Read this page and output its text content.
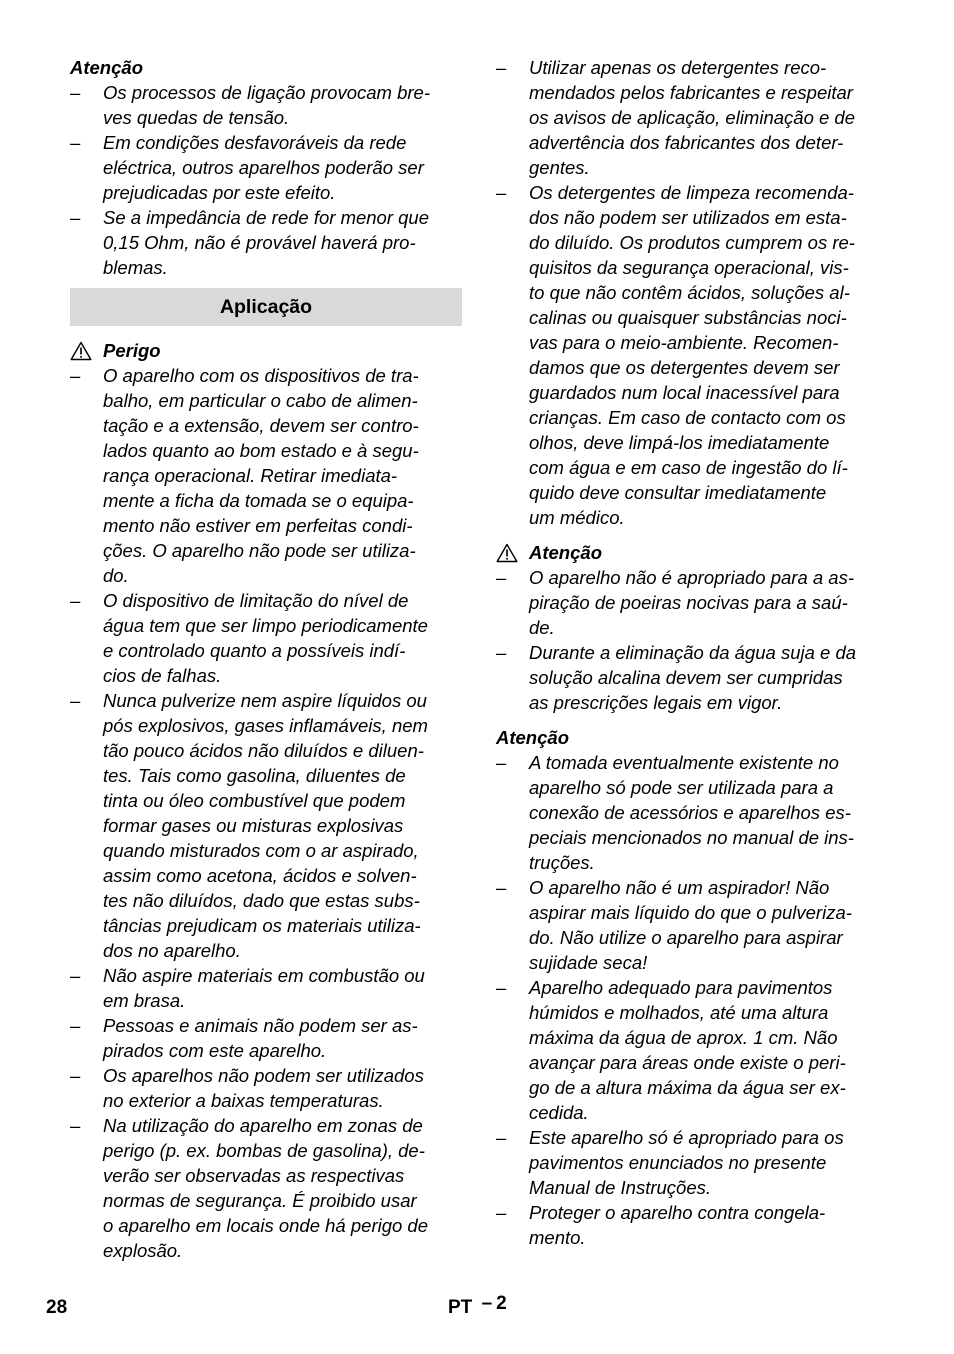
Atenção

– Os processos de ligação provocam bre-
ves quedas de tensão.
– Em condições desfavoráveis da rede
eléctrica, outros aparelhos poderão ser
prejudicadas por este efeito.
– Se a impedância de rede for menor que
0,15 Ohm, não é provável haverá pro-
blemas.
Aplicação
Perigo
– O aparelho com os dispositivos de tra-
balho, em particular o cabo de alimen-
tação e a extensão, devem ser contro-
lados quanto ao bom estado e à segu-
rança operacional. Retirar imediata-
mente a ficha da tomada se o equipa-
mento não estiver em perfeitas condi-
ções. O aparelho não pode ser utiliza-
do.
– O dispositivo de limitação do nível de
água tem que ser limpo periodicamente
e controlado quanto a possíveis indí-
cios de falhas.
– Nunca pulverize nem aspire líquidos ou
pós explosivos, gases inflamáveis, nem
tão pouco ácidos não diluídos e diluen-
tes. Tais como gasolina, diluentes de
tinta ou óleo combustível que podem
formar gases ou misturas explosivas
quando misturados com o ar aspirado,
assim como acetona, ácidos e solven-
tes não diluídos, dado que estas subs-
tâncias prejudicam os materiais utiliza-
dos no aparelho.
– Não aspire materiais em combustão ou
em brasa.
– Pessoas e animais não podem ser as-
pirados com este aparelho.
– Os aparelhos não podem ser utilizados
no exterior a baixas temperaturas.
– Na utilização do aparelho em zonas de
perigo (p. ex. bombas de gasolina), de-
verão ser observadas as respectivas
normas de segurança. É proibido usar
o aparelho em locais onde há perigo de
explosão.
– Utilizar apenas os detergentes reco-
mendados pelos fabricantes e respeitar
os avisos de aplicação, eliminação e de
advertência dos fabricantes dos deter-
gentes.
– Os detergentes de limpeza recomenda-
dos não podem ser utilizados em esta-
do diluído. Os produtos cumprem os re-
quisitos da segurança operacional, vis-
to que não contêm ácidos, soluções al-
calinas ou quaisquer substâncias noci-
vas para o meio-ambiente. Recomen-
damos que os detergentes devem ser
guardados num local inacessível para
crianças. Em caso de contacto com os
olhos, deve limpá-los imediatamente
com água e em caso de ingestão do lí-
quido deve consultar imediatamente
um médico.
Atenção
– O aparelho não é apropriado para a as-
piração de poeiras nocivas para a saú-
de.
– Durante a eliminação da água suja e da
solução alcalina devem ser cumpridas
as prescrições legais em vigor.

Atenção

– A tomada eventualmente existente no
aparelho só pode ser utilizada para a
conexão de acessórios e aparelhos es-
peciais mencionados no manual de ins-
truções.
– O aparelho não é um aspirador! Não
aspirar mais líquido do que o pulveriza-
do. Não utilize o aparelho para aspirar
sujidade seca!
– Aparelho adequado para pavimentos
húmidos e molhados, até uma altura
máxima da água de aprox. 1 cm. Não
avançar para áreas onde existe o peri-
go de a altura máxima da água ser ex-
cedida.
– Este aparelho só é apropriado para os
pavimentos enunciados no presente
Manual de Instruções.
– Proteger o aparelho contra congela-
mento.
28	PT – 2
